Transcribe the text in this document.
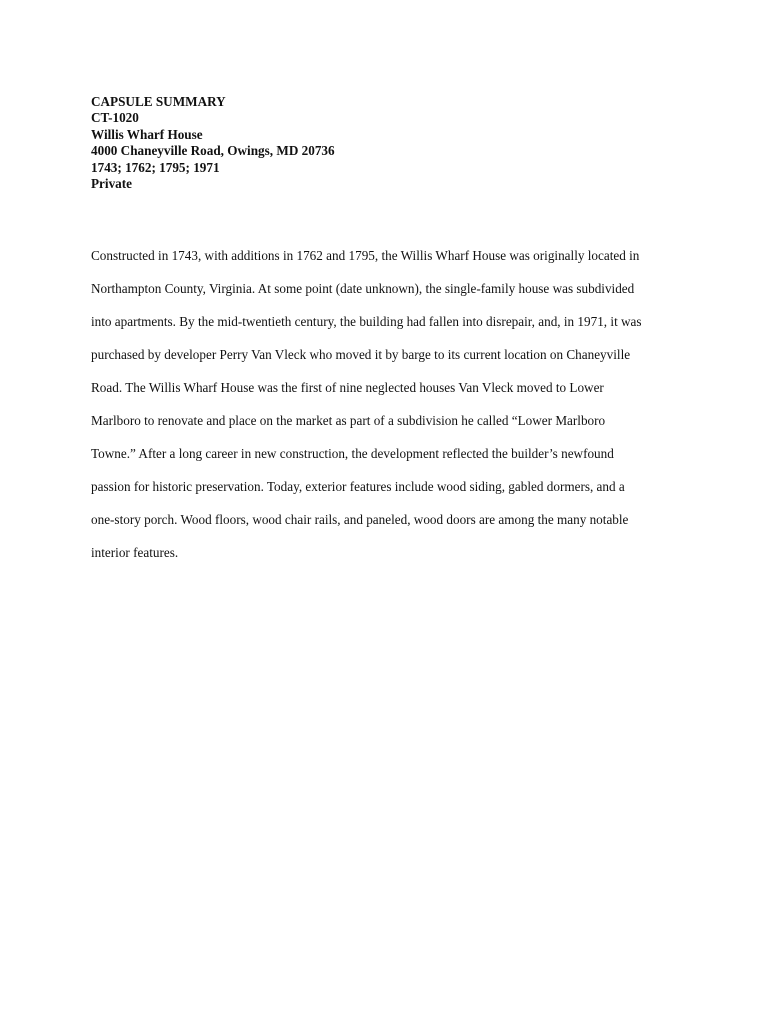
CAPSULE SUMMARY
CT-1020
Willis Wharf House
4000 Chaneyville Road, Owings, MD 20736
1743; 1762; 1795; 1971
Private
Constructed in 1743, with additions in 1762 and 1795, the Willis Wharf House was originally located in
Northampton County, Virginia. At some point (date unknown), the single-family house was subdivided
into apartments. By the mid-twentieth century, the building had fallen into disrepair, and, in 1971, it was
purchased by developer Perry Van Vleck who moved it by barge to its current location on Chaneyville
Road. The Willis Wharf House was the first of nine neglected houses Van Vleck moved to Lower
Marlboro to renovate and place on the market as part of a subdivision he called “Lower Marlboro
Towne.” After a long career in new construction, the development reflected the builder’s newfound
passion for historic preservation. Today, exterior features include wood siding, gabled dormers, and a
one-story porch. Wood floors, wood chair rails, and paneled, wood doors are among the many notable
interior features.
